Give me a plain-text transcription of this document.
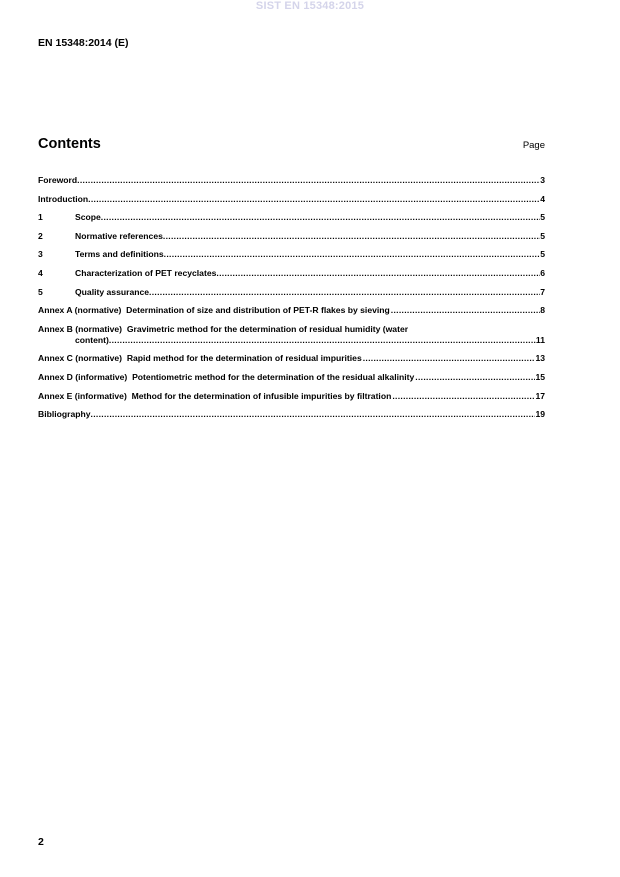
SIST EN 15348:2015
EN 15348:2014 (E)
Contents	Page
Foreword .....	3
Introduction .....	4
1	Scope .....	5
2	Normative references .....	5
3	Terms and definitions .....	5
4	Characterization of PET recyclates .....	6
5	Quality assurance .....	7
Annex A (normative)  Determination of size and distribution of PET-R flakes by sieving .....	8
Annex B (normative)  Gravimetric method for the determination of residual humidity (water
content) .....	11
Annex C (normative)  Rapid method for the determination of residual impurities .....	13
Annex D (informative)  Potentiometric method for the determination of the residual alkalinity .....	15
Annex E (informative)  Method for the determination of infusible impurities by filtration .....	17
Bibliography .....	19
2
